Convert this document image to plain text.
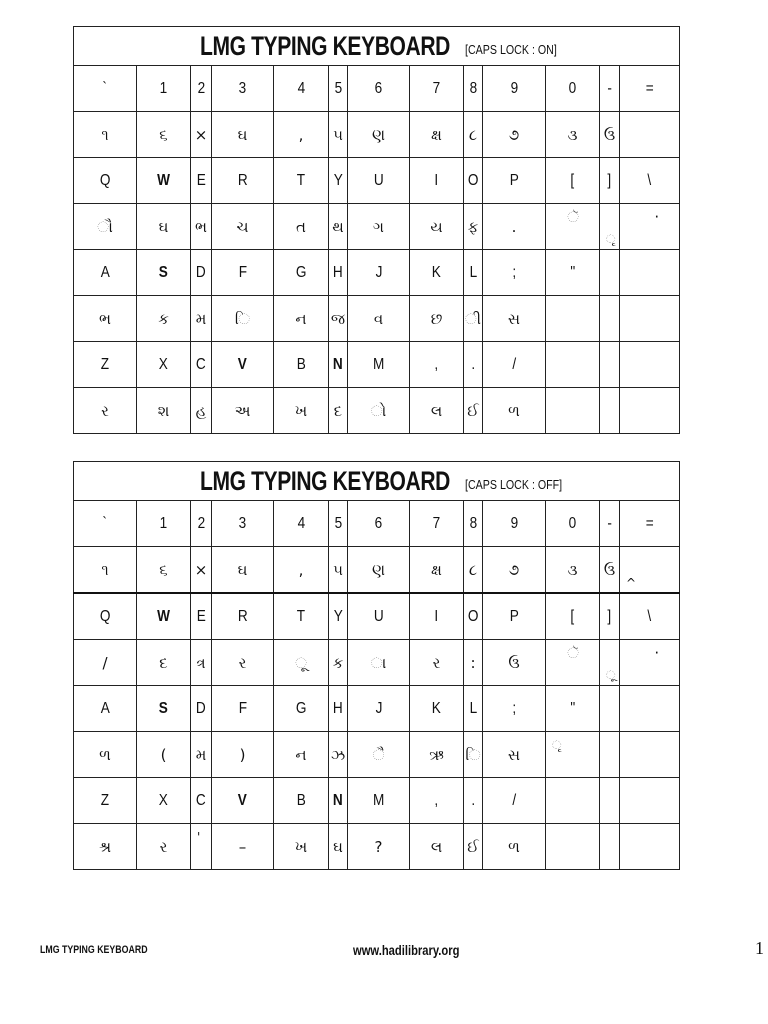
LMG TYPING KEYBOARD [CAPS LOCK : ON]												

`	1	2	3	4	5	6	7	8	9	0	-	=
૧	૬	×	ઘ	,	૫	ણ	ક્ષ	૮	૭	૩	ઉ	
Q	W	E	R	T	Y	U	I	O	P	[	]	\
ૌ	ઘ	ભ	ચ	ત	થ	ગ	ય	ફ	.	ૅ	ૃ	·

A	S	D	F	G	H	J	K	L	;	"		
ભ	ક	મ	િ	ન	જ	વ	છ	ી	સ			
Z	X	C	V	B	N	M	,	.	/			
ર	શ	હ	અ	ખ	દ	ો	લ	ઈ	ળ			
LMG TYPING KEYBOARD [CAPS LOCK : OFF]												

`	1	2	3	4	5	6	7	8	9	0	-	=
૧	૬	×	ઘ	,	૫	ણ	ક્ષ	૮	૭	૩	ઉ	^

Q	W	E	R	T	Y	U	I	O	P	[	]	\
/	દ	ત્ર	ર	ૂ	ક	ા	ર	:	ઉ	ૅ	ૂ	·

A	S	D	F	G	H	J	K	L	;	"		
ળ	(	મ	)	ન	ઝ	ૈ	ઋ	િ	સ	ૃ		

Z	X	C	V	B	N	M	,	.	/			
શ્ર	ર	'	–	ખ	ઘ	?	લ	ઈ	ળ			
LMG TYPING KEYBOARD	www.hadilibrary.org	1
